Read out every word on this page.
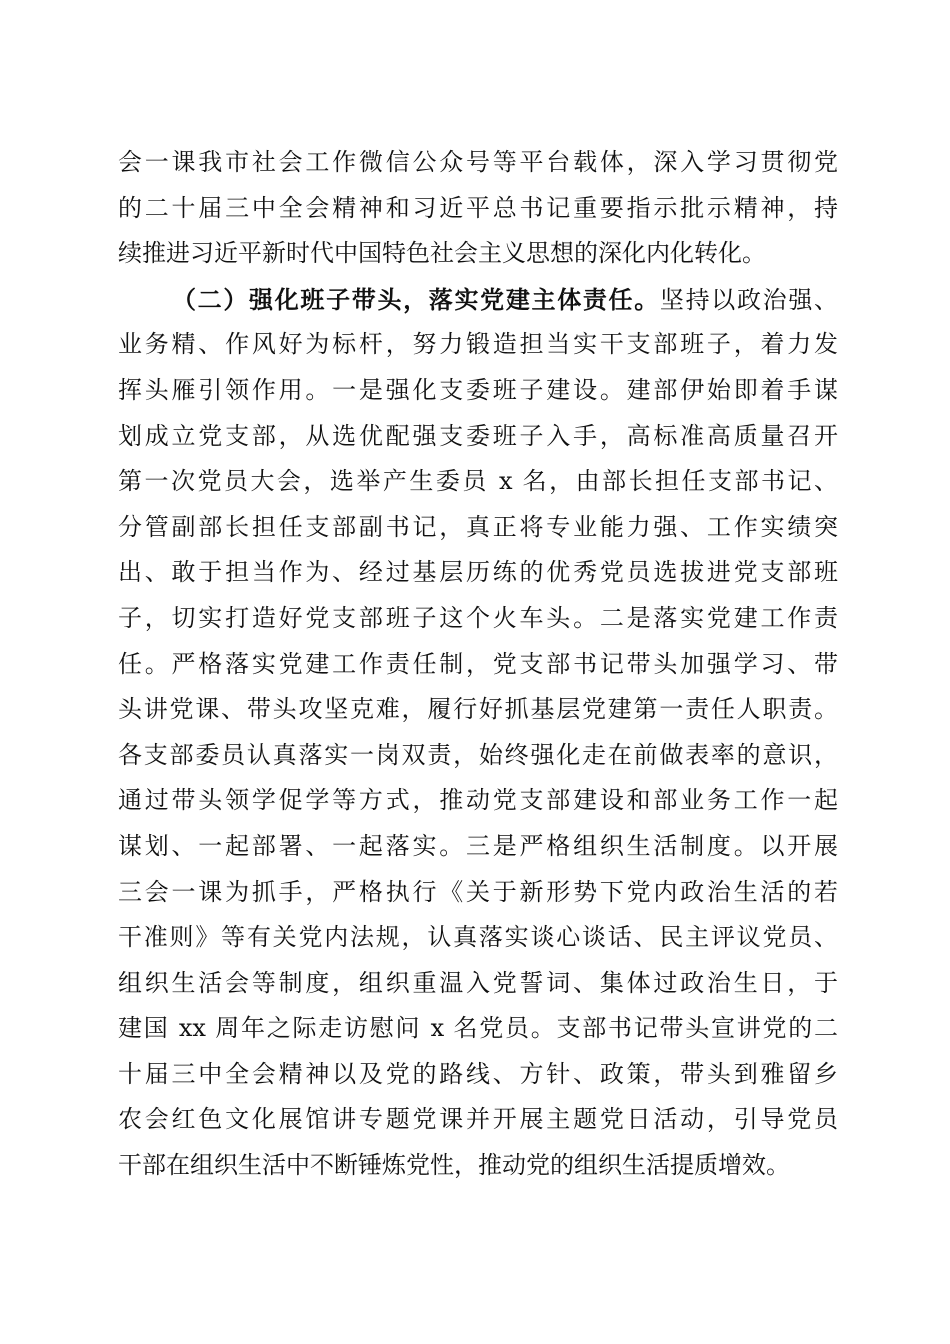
会一课我市社会工作微信公众号等平台载体，深入学习贯彻党
的二十届三中全会精神和习近平总书记重要指示批示精神，持
续推进习近平新时代中国特色社会主义思想的深化内化转化。
（二）强化班子带头，落实党建主体责任。坚持以政治强、
业务精、作风好为标杆，努力锻造担当实干支部班子，着力发
挥头雁引领作用。一是强化支委班子建设。建部伊始即着手谋
划成立党支部，从选优配强支委班子入手，高标准高质量召开
第一次党员大会，选举产生委员 x 名，由部长担任支部书记、
分管副部长担任支部副书记，真正将专业能力强、工作实绩突
出、敢于担当作为、经过基层历练的优秀党员选拔进党支部班
子，切实打造好党支部班子这个火车头。二是落实党建工作责
任。严格落实党建工作责任制，党支部书记带头加强学习、带
头讲党课、带头攻坚克难，履行好抓基层党建第一责任人职责。
各支部委员认真落实一岗双责，始终强化走在前做表率的意识，
通过带头领学促学等方式，推动党支部建设和部业务工作一起
谋划、一起部署、一起落实。三是严格组织生活制度。以开展
三会一课为抓手，严格执行《关于新形势下党内政治生活的若
干准则》等有关党内法规，认真落实谈心谈话、民主评议党员、
组织生活会等制度，组织重温入党誓词、集体过政治生日，于
建国 xx 周年之际走访慰问 x 名党员。支部书记带头宣讲党的二
十届三中全会精神以及党的路线、方针、政策，带头到雅留乡
农会红色文化展馆讲专题党课并开展主题党日活动，引导党员
干部在组织生活中不断锤炼党性，推动党的组织生活提质增效。
